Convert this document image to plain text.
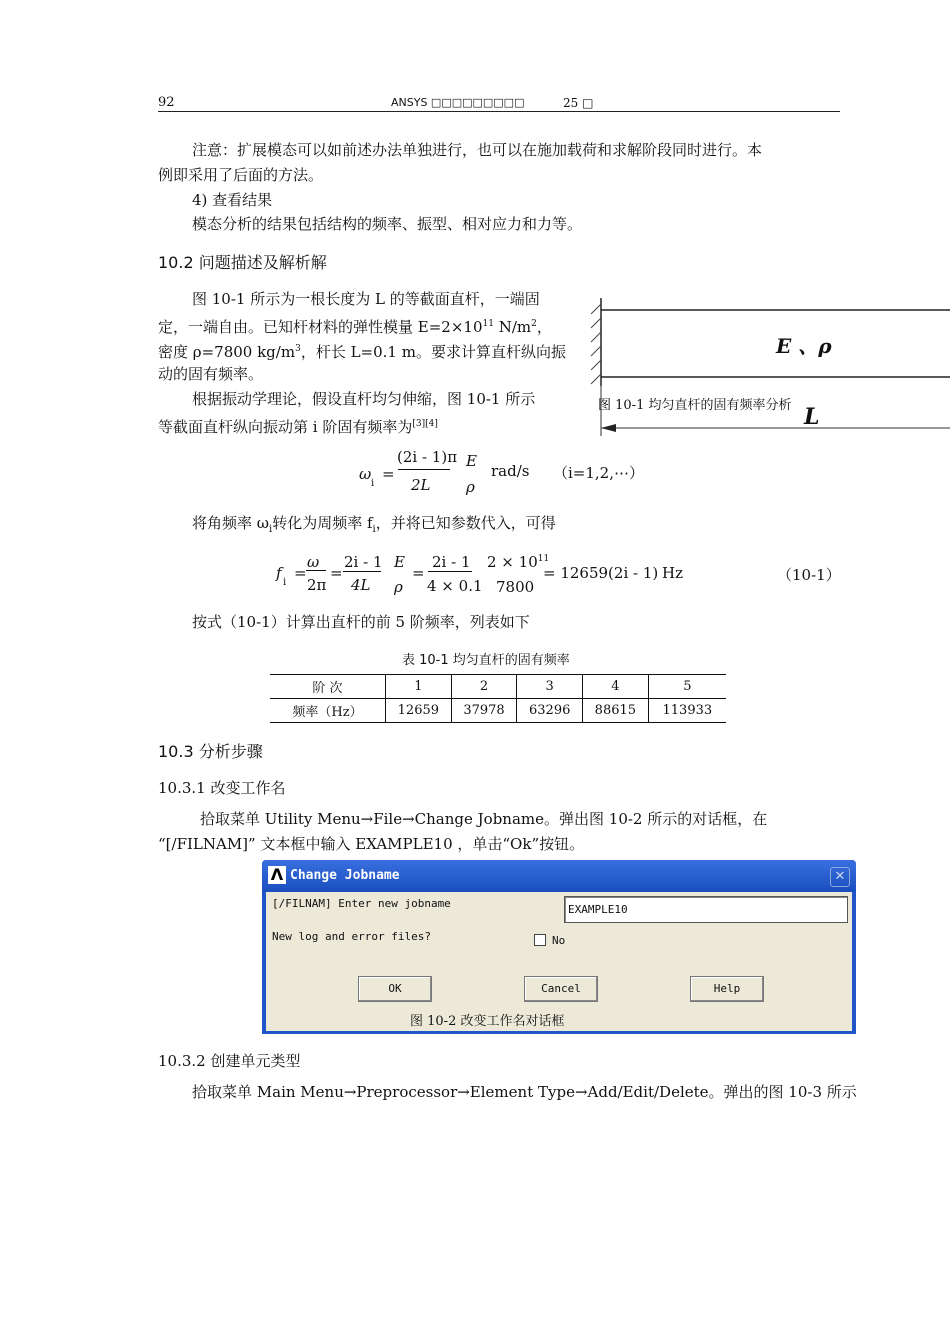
92	ANSYS □□□□□□□□□	25 □
注意：扩展模态可以如前述办法单独进行，也可以在施加载荷和求解阶段同时进行。本
例即采用了后面的方法。
4) 查看结果
模态分析的结果包括结构的频率、振型、相对应力和力等。
10.2 问题描述及解析解
图 10-1 所示为一根长度为 L 的等截面直杆，一端固
定，一端自由。已知杆材料的弹性模量 $E=2\times 10^{11}$ $N/m^2$，
密度 ρ=7800 $kg/m^3$，杆长 L=0.1 m。要求计算直杆纵向振
动的固有频率。
根据振动学理论，假设直杆均匀伸缩，图 10-1 所示
等截面直杆纵向振动第 i 阶固有频率为[3][4]
E 、ρ
L
图 10-1 均匀直杆的固有频率分析
ω
i
=
(2i - 1)π
2L
E
ρ
rad/s （i=1,2,⋯）
将角频率 $\omega_i$转化为周频率 $f_i$，并将已知参数代入，可得
f
i
=
ω
2π
=
2i - 1
4L
E
ρ
=
2i - 1
4 × 0.1
$2 \times 10^{11}$
7800
= 12659(2i - 1) Hz	（10-1）
按式（10-1）计算出直杆的前 5 阶频率，列表如下
表 10-1 均匀直杆的固有频率
阶 次	1	2	3	4	5
频率（Hz）	12659	37978	63296	88615	113933
10.3 分析步骤
10.3.1 改变工作名
拾取菜单 Utility Menu→File→Change Jobname。弹出图 10-2 所示的对话框，在
“[/FILNAM]” 文本框中输入 EXAMPLE10 ，单击“Ok”按钮。
Λ Change Jobname	✕
[/FILNAM] Enter new jobname	EXAMPLE10
New log and error files?	No
OK	Cancel	Help
图 10-2 改变工作名对话框
10.3.2 创建单元类型
拾取菜单 Main Menu→Preprocessor→Element Type→Add/Edit/Delete。弹出的图 10-3 所示
